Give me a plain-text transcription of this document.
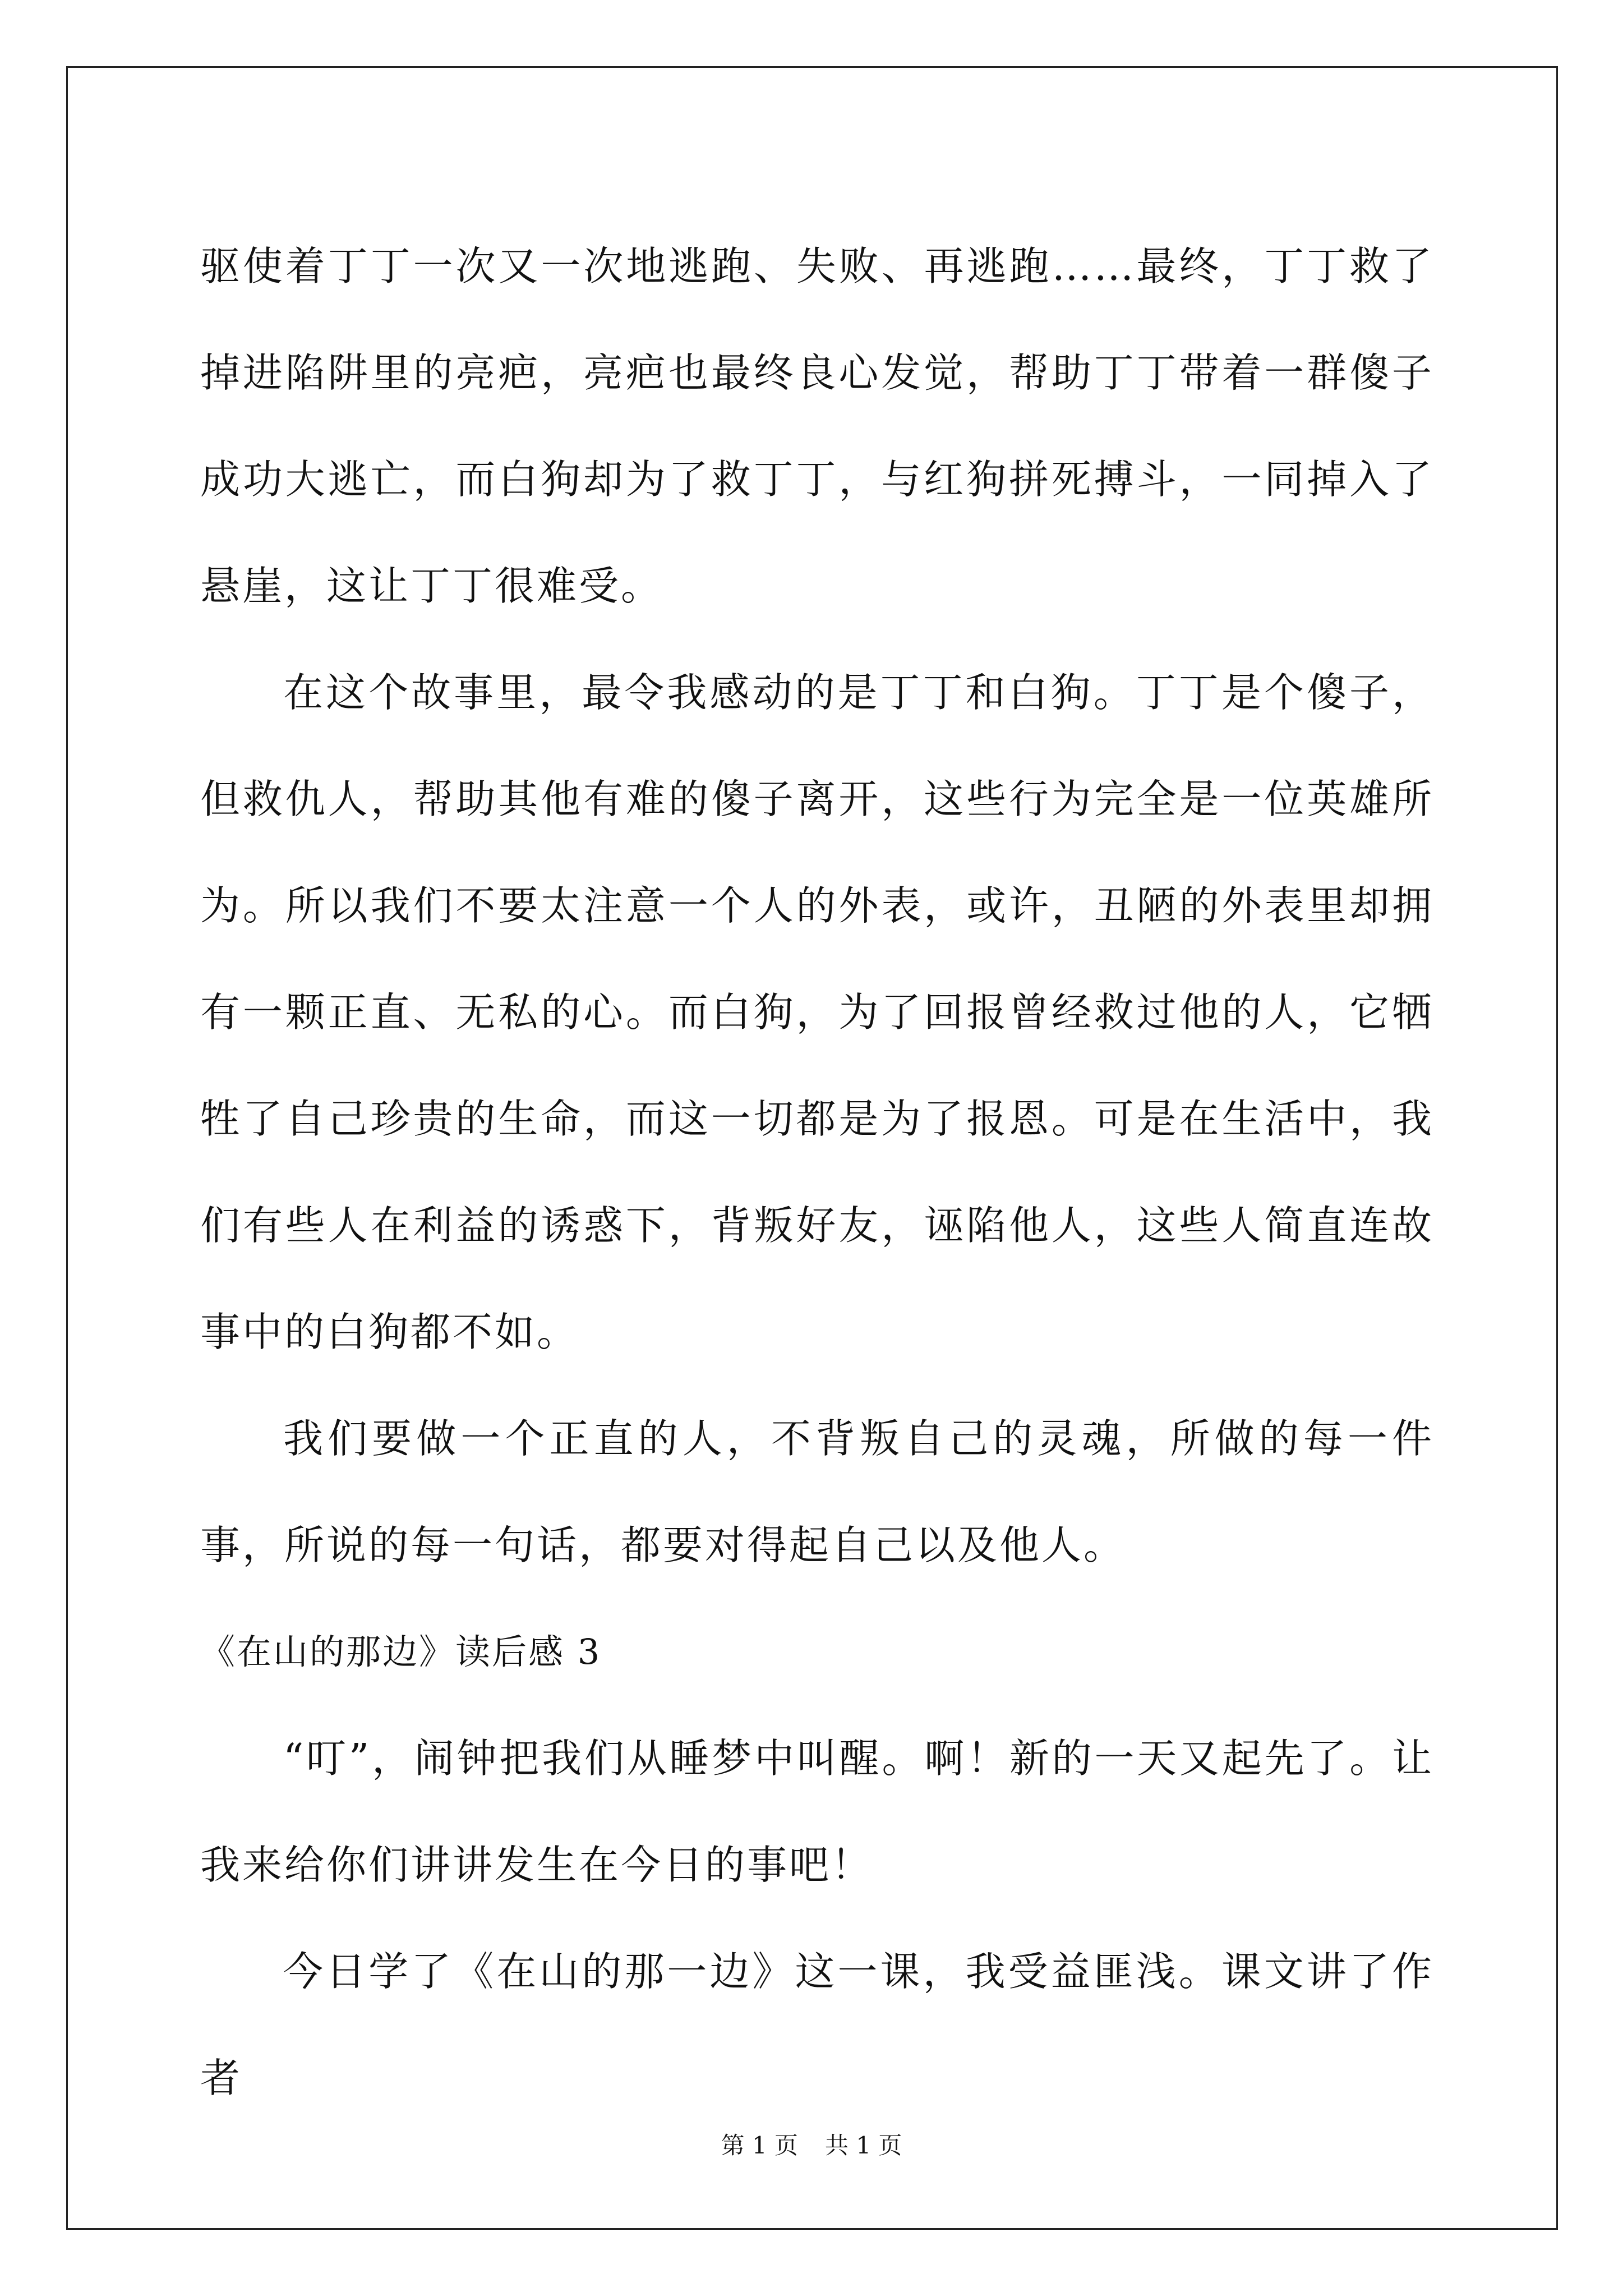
驱使着丁丁一次又一次地逃跑、失败、再逃跑……最终，丁丁救了掉进陷阱里的亮疤，亮疤也最终良心发觉，帮助丁丁带着一群傻子成功大逃亡，而白狗却为了救丁丁，与红狗拼死搏斗，一同掉入了悬崖，这让丁丁很难受。

在这个故事里，最令我感动的是丁丁和白狗。丁丁是个傻子，但救仇人，帮助其他有难的傻子离开，这些行为完全是一位英雄所为。所以我们不要太注意一个人的外表，或许，丑陋的外表里却拥有一颗正直、无私的心。而白狗，为了回报曾经救过他的人，它牺牲了自己珍贵的生命，而这一切都是为了报恩。可是在生活中，我们有些人在利益的诱惑下，背叛好友，诬陷他人，这些人简直连故事中的白狗都不如。

我们要做一个正直的人，不背叛自己的灵魂，所做的每一件事，所说的每一句话，都要对得起自己以及他人。

《在山的那边》读后感 3

“叮”，闹钟把我们从睡梦中叫醒。啊！新的一天又起先了。让我来给你们讲讲发生在今日的事吧！

今日学了《在山的那一边》这一课，我受益匪浅。课文讲了作者

第 1 页 共 1 页
